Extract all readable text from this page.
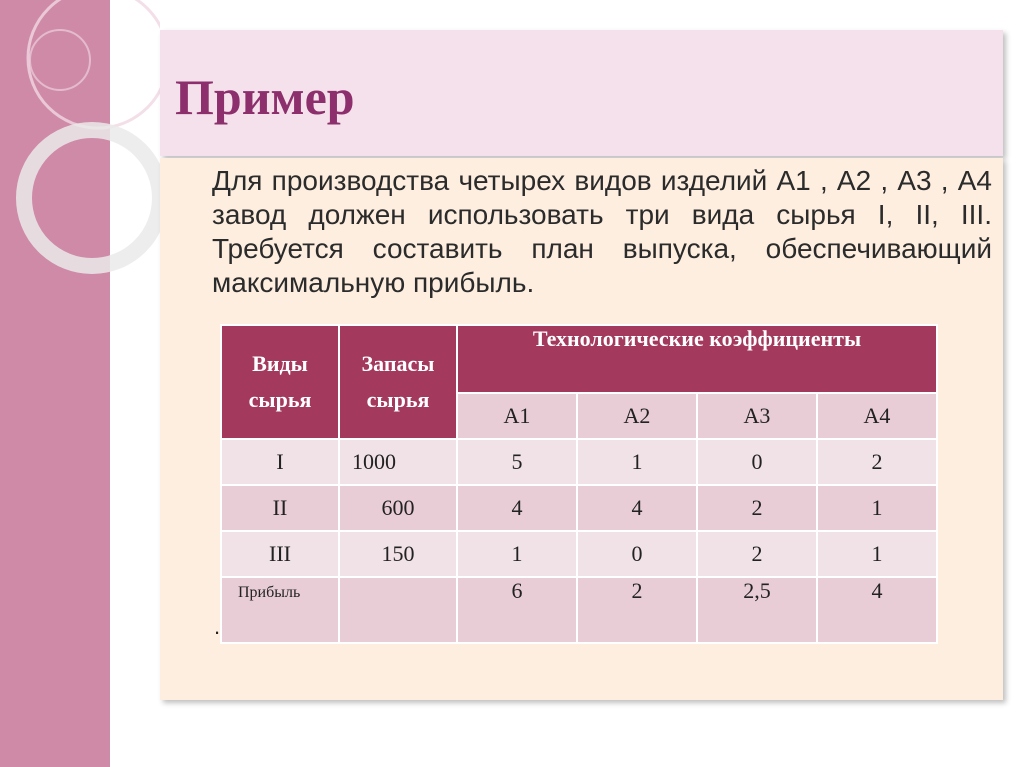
Пример

Для производства четырех видов изделий А1 , А2 , А3 , А4 завод должен использовать три вида сырья I, II, III. Требуется составить план выпуска, обеспечивающий максимальную прибыль.

Виды сырья	Запасы сырья	Технологические коэффициенты			
		А1	А2	А3	А4
I	1000	5	1	0	2
II	600	4	4	2	1
III	150	1	0	2	1
Прибыль		6	2	2,5	4
.
